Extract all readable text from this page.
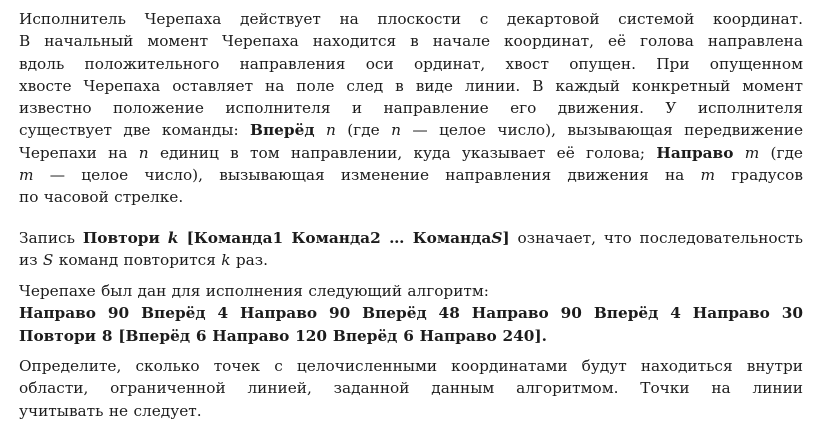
Исполнитель Черепаха действует на плоскости с декартовой системой координат.
В начальный момент Черепаха находится в начале координат, её голова направлена
вдоль положительного направления оси ординат, хвост опущен. При опущенном
хвосте Черепаха оставляет на поле след в виде линии. В каждый конкретный момент
известно положение исполнителя и направление его движения. У исполнителя
существует две команды: Вперёд n (где n — целое число), вызывающая передвижение
Черепахи на n единиц в том направлении, куда указывает её голова; Направо m (где
m — целое число), вызывающая изменение направления движения на m градусов
по часовой стрелке.
Запись Повтори k [Команда1 Команда2 … КомандаS] означает, что последовательность
из S команд повторится k раз.
Черепахе был дан для исполнения следующий алгоритм:
Направо 90 Вперёд 4 Направо 90 Вперёд 48 Направо 90 Вперёд 4 Направо 30
Повтори 8 [Вперёд 6 Направо 120 Вперёд 6 Направо 240].
Определите, сколько точек с целочисленными координатами будут находиться внутри
области, ограниченной линией, заданной данным алгоритмом. Точки на линии
учитывать не следует.
